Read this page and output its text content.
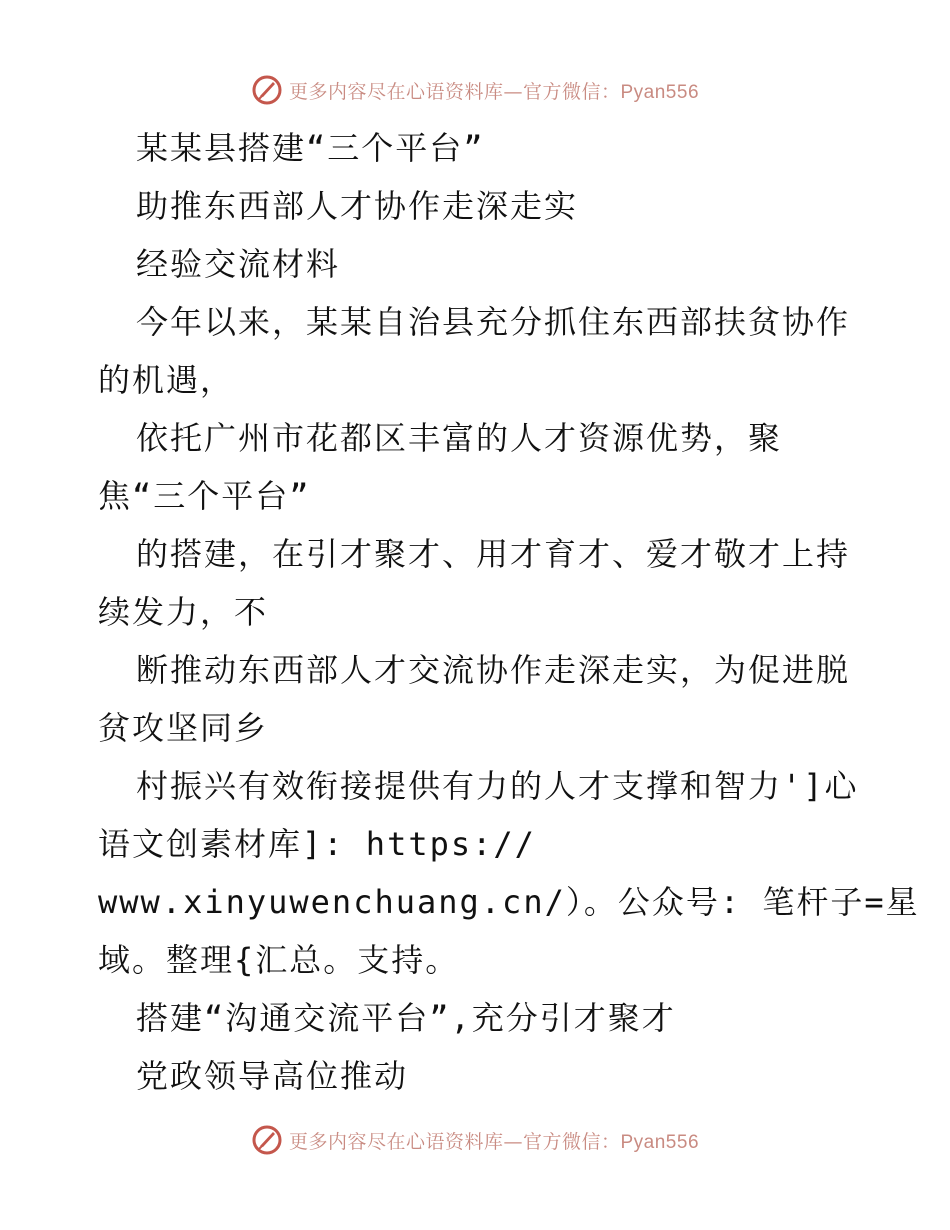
更多内容尽在心语资料库—官方微信：Pyan556
某某县搭建“三个平台”
助推东西部人才协作走深走实
经验交流材料
今年以来，某某自治县充分抓住东西部扶贫协作
的机遇，
依托广州市花都区丰富的人才资源优势，聚
焦“三个平台”
的搭建，在引才聚才、用才育才、爱才敬才上持
续发力，不
断推动东西部人才交流协作走深走实，为促进脱
贫攻坚同乡
村振兴有效衔接提供有力的人才支撑和智力']心
语文创素材库]: https://
www.xinyuwenchuang.cn/）。公众号: 笔杆子=星
域。整理{汇总。支持。
搭建“沟通交流平台”,充分引才聚才
党政领导高位推动
更多内容尽在心语资料库—官方微信：Pyan556
